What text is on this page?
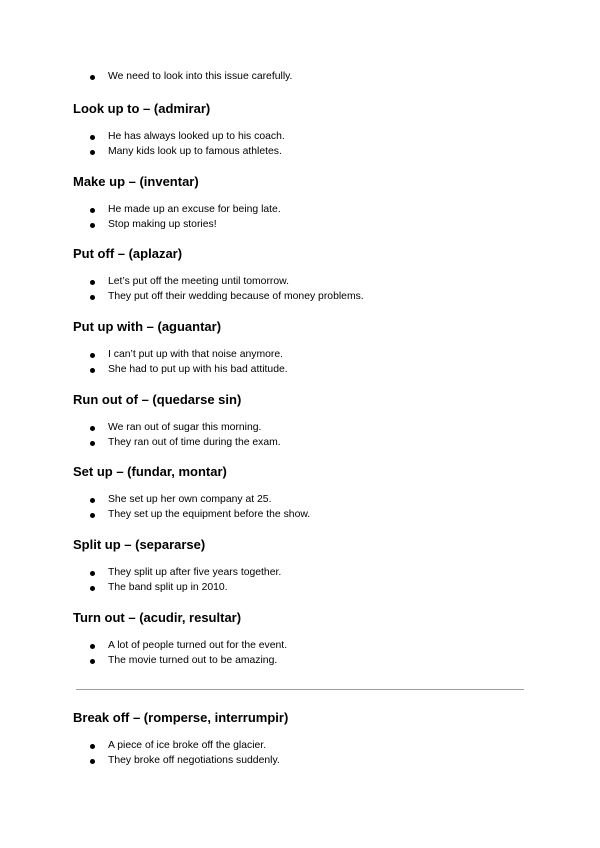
We need to look into this issue carefully.
Look up to – (admirar)
He has always looked up to his coach.
Many kids look up to famous athletes.
Make up – (inventar)
He made up an excuse for being late.
Stop making up stories!
Put off – (aplazar)
Let’s put off the meeting until tomorrow.
They put off their wedding because of money problems.
Put up with – (aguantar)
I can’t put up with that noise anymore.
She had to put up with his bad attitude.
Run out of – (quedarse sin)
We ran out of sugar this morning.
They ran out of time during the exam.
Set up – (fundar, montar)
She set up her own company at 25.
They set up the equipment before the show.
Split up – (separarse)
They split up after five years together.
The band split up in 2010.
Turn out – (acudir, resultar)
A lot of people turned out for the event.
The movie turned out to be amazing.
Break off – (romperse, interrumpir)
A piece of ice broke off the glacier.
They broke off negotiations suddenly.
